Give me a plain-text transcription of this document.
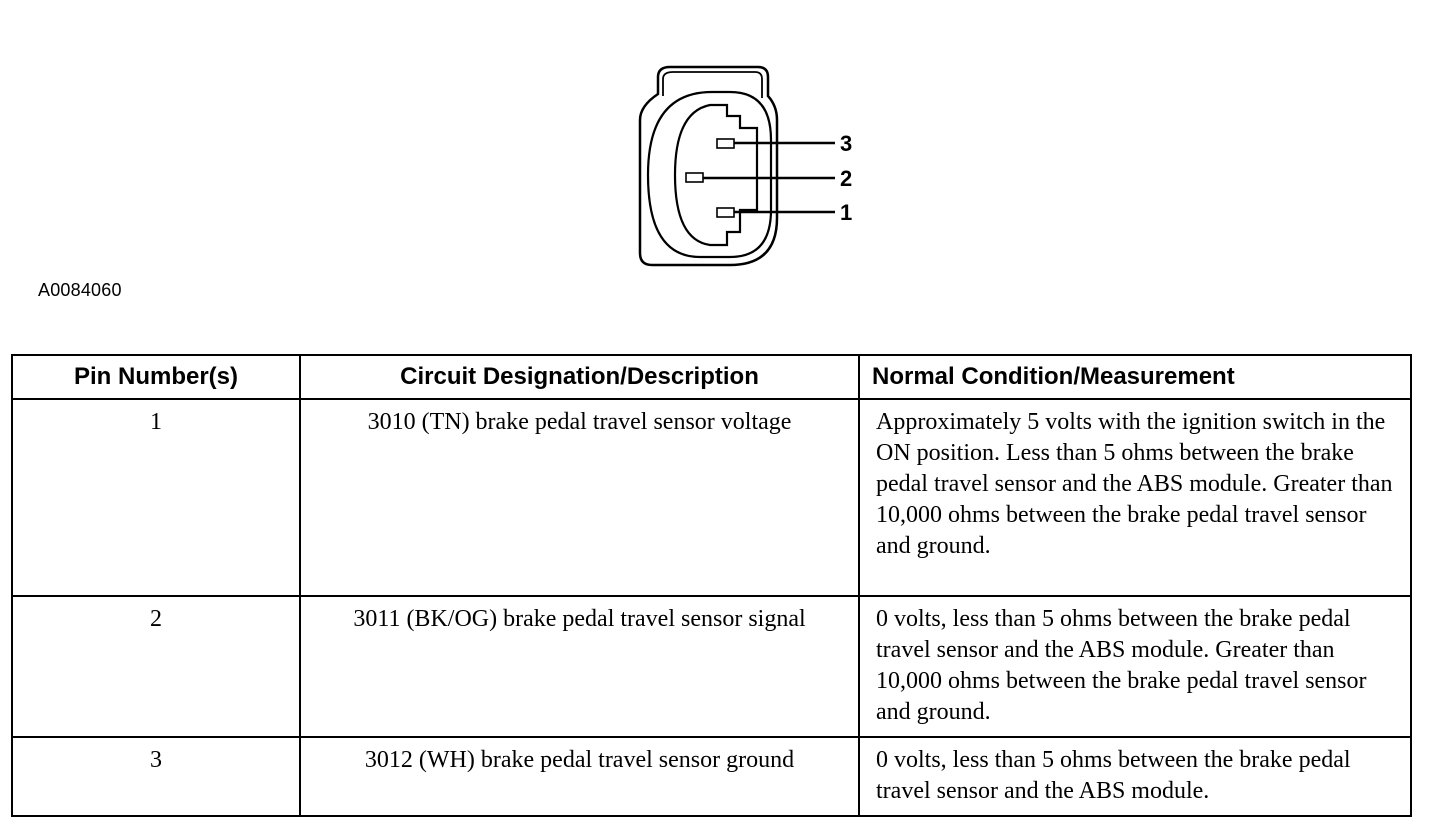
3
2
1
A0084060
Pin Number(s)	Circuit Designation/Description	Normal Condition/Measurement
1	3010 (TN) brake pedal travel sensor voltage	Approximately 5 volts with the ignition switch in the ON position. Less than 5 ohms between the brake pedal travel sensor and the ABS module. Greater than 10,000 ohms between the brake pedal travel sensor and ground.
2	3011 (BK/OG) brake pedal travel sensor signal	0 volts, less than 5 ohms between the brake pedal travel sensor and the ABS module. Greater than 10,000 ohms between the brake pedal travel sensor and ground.
3	3012 (WH) brake pedal travel sensor ground	0 volts, less than 5 ohms between the brake pedal travel sensor and the ABS module.
